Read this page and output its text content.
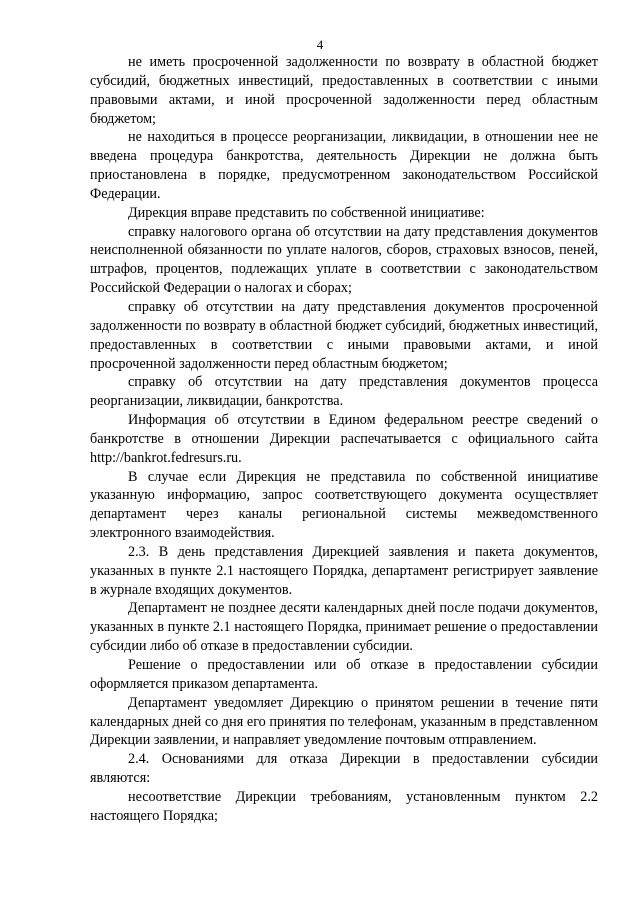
4

не иметь просроченной задолженности по возврату в областной бюджет субсидий, бюджетных инвестиций, предоставленных в соответствии с иными правовыми актами, и иной просроченной задолженности перед областным бюджетом;

не находиться в процессе реорганизации, ликвидации, в отношении нее не введена процедура банкротства, деятельность Дирекции не должна быть приостановлена в порядке, предусмотренном законодательством Российской Федерации.

Дирекция вправе представить по собственной инициативе:

справку налогового органа об отсутствии на дату представления документов неисполненной обязанности по уплате налогов, сборов, страховых взносов, пеней, штрафов, процентов, подлежащих уплате в соответствии с законодательством Российской Федерации о налогах и сборах;

справку об отсутствии на дату представления документов просроченной задолженности по возврату в областной бюджет субсидий, бюджетных инвестиций, предоставленных в соответствии с иными правовыми актами, и иной просроченной задолженности перед областным бюджетом;

справку об отсутствии на дату представления документов процесса реорганизации, ликвидации, банкротства.

Информация об отсутствии в Едином федеральном реестре сведений о банкротстве в отношении Дирекции распечатывается с официального сайта http://bankrot.fedresurs.ru.

В случае если Дирекция не представила по собственной инициативе указанную информацию, запрос соответствующего документа осуществляет департамент через каналы региональной системы межведомственного электронного взаимодействия.

2.3. В день представления Дирекцией заявления и пакета документов, указанных в пункте 2.1 настоящего Порядка, департамент регистрирует заявление в журнале входящих документов.

Департамент не позднее десяти календарных дней после подачи документов, указанных в пункте 2.1 настоящего Порядка, принимает решение о предоставлении субсидии либо об отказе в предоставлении субсидии.

Решение о предоставлении или об отказе в предоставлении субсидии оформляется приказом департамента.

Департамент уведомляет Дирекцию о принятом решении в течение пяти календарных дней со дня его принятия по телефонам, указанным в представленном Дирекции заявлении, и направляет уведомление почтовым отправлением.

2.4. Основаниями для отказа Дирекции в предоставлении субсидии являются:

несоответствие Дирекции требованиям, установленным пунктом 2.2 настоящего Порядка;
